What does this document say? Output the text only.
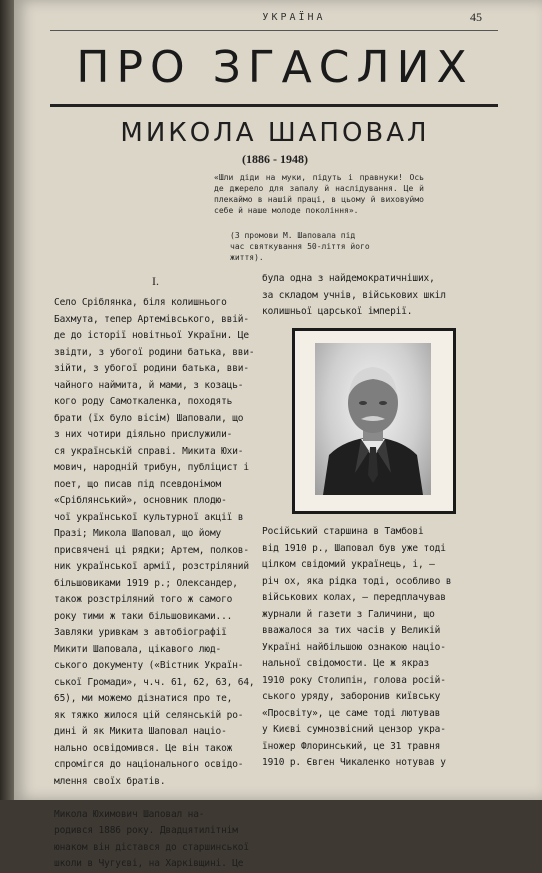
УКРАЇНА	45
ПРО ЗГАСЛИХ
МИКОЛА ШАПОВАЛ
(1886 - 1948)
«Шли діди на муки, підуть і правнуки! Ось де джерело для запалу й наслідування. Це й плекаймо в нашій праці, в цьому й виховуймо себе й наше молоде покоління».
(З промови М. Шаповала під
час святкування 50-ліття його
життя).
I.
Село Сріблянка, біля колишнього
Бахмута, тепер Артемівського, ввій-
де до історії новітньої України. Це
звідти, з убогої родини батька, вви-
зійти, з убогої родини батька, вви-
чайного наймита, й мами, з козаць-
кого роду Самоткаленка, походять
брати (їх було вісім) Шаповали, що
з них чотири діяльно прислужили-
ся українській справі. Микита Юхи-
мович, народній трибун, публіцист і
поет, що писав під псевдонімом
«Сріблянський», основник плодю-
чої української культурної акції в
Празі; Микола Шаповал, що йому
присвячені ці рядки; Артем, полков-
ник української армії, розстріляний
більшовиками 1919 р.; Олександер,
також розстріляний того ж самого
року тими ж таки більшовиками...
Завляки уривкам з автобіографії
Микити Шаповала, цікавого люд-
ського документу («Вістник Україн-
ської Громади», ч.ч. 61, 62, 63, 64,
65), ми можемо дізнатися про те,
як тяжко жилося цій селянській ро-
дині й як Микита Шаповал націо-
нально освідомився. Це він також
спромігся до національного освідо-
млення своїх братів.

Микола Юхимович Шаповал на-
родився 1886 року. Двадцятилітнім
юнаком він дістався до старшинської
школи в Чугуєві, на Харківщині. Це
була одна з найдемократичніших,
за складом учнів, військових шкіл
колишньої царської імперії.
Російський старшина в Тамбові
від 1910 р., Шаповал був уже тоді
цілком свідомий українець, і, —
річ ох, яка рідка тоді, особливо в
військових колах, — передплачував
журнали й газети з Галичини, що
вважалося за тих часів у Великій
Україні найбільшою ознакою націо-
нальної свідомости. Це ж якраз
1910 року Столипін, голова росій-
ського уряду, заборонив київську
«Просвіту», це саме тоді лютував
у Києві сумнозвісний цензор укра-
їножер Флоринський, це 31 травня
1910 р. Євген Чикаленко нотував у
